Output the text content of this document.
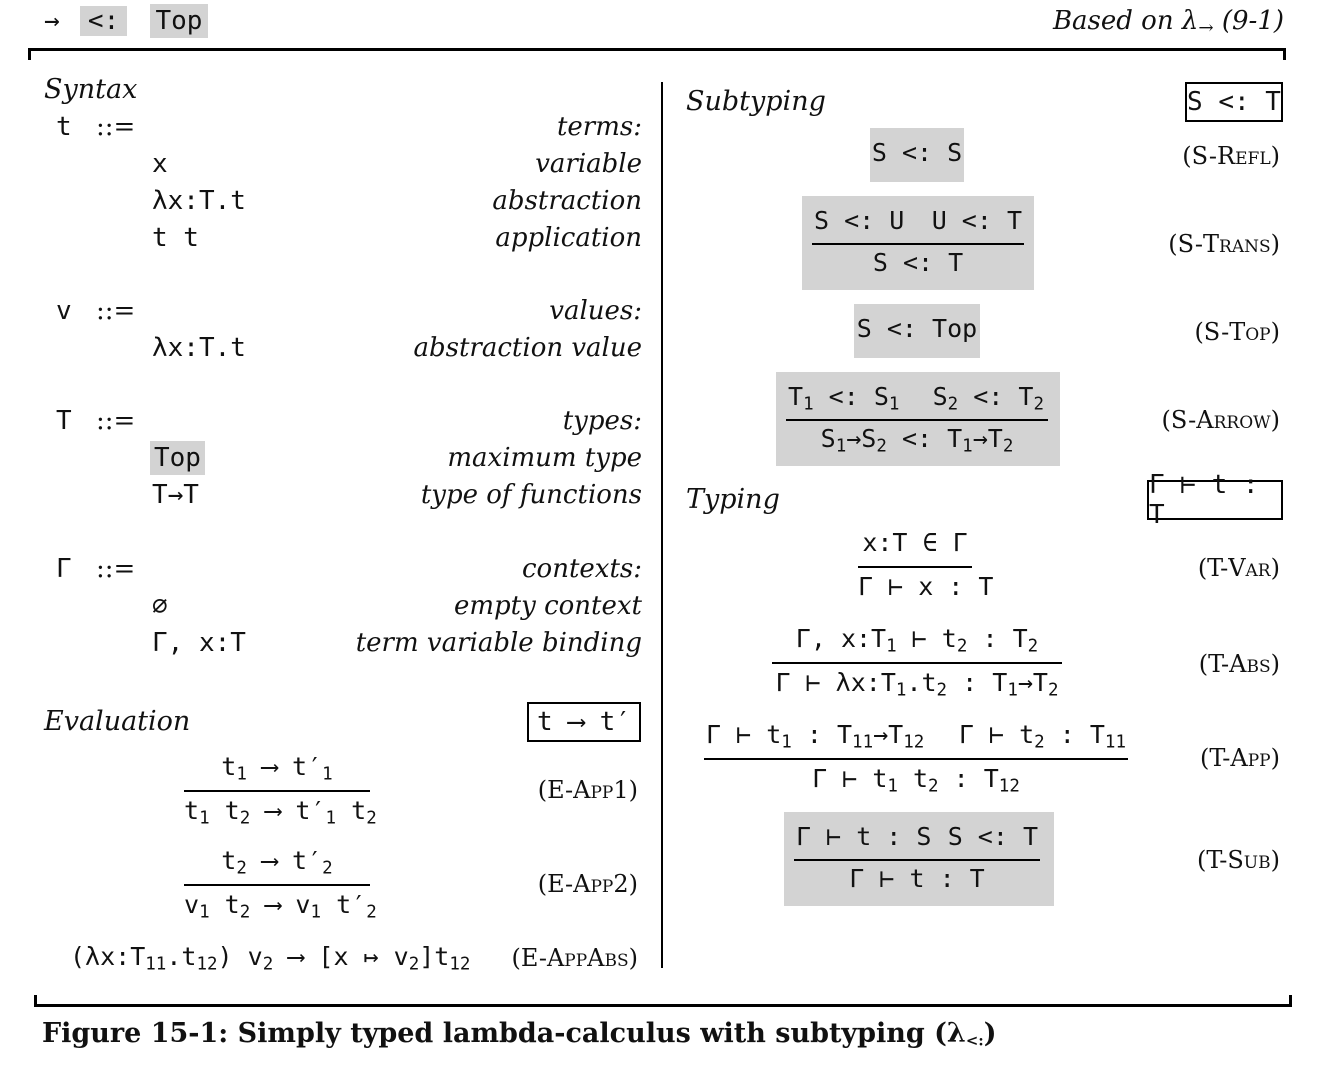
→ <: Top	Based on $\lambda_\to$ (9-1)
Syntax
t ::=	terms:
x	variable
λx:T.t	abstraction
t t	application
v ::=	values:
λx:T.t	abstraction value
T ::=	types:
Top	maximum type
T→T	type of functions
Γ ::=	contexts:
∅	empty context
Γ, x:T	term variable binding
Evaluation	t ⟶ t′
$t_1$ ⟶ $t'_1$
$t_1$ $t_2$ ⟶ $t'_1$ $t_2$
(E-App1)
$t_2$ ⟶ $t'_2$
$v_1$ $t_2$ ⟶ $v_1$ $t'_2$
(E-App2)
$(\lambda x:T_{11}.t_{12})$ $v_2$ ⟶ [x ↦ $v_2]t_{12}$ (E-AppAbs)
Subtyping	S <: T
S <: S	(S-Refl)
S <: U	U <: T
S <: T
(S-Trans)
S <: Top	(S-Top)
$T_1$ <: $S_1$	$S_2$ <: $T_2$
$S_1\to S_2$ <: $T_1\to T_2$
(S-Arrow)
Typing	Γ ⊢ t : T
x:T ∈ Γ
Γ ⊢ x : T
(T-Var)
Γ, $x:T_1$ ⊢ $t_2$ : $T_2$
Γ ⊢ $\lambda x:T_1.t_2$ : $T_1\to T_2$
(T-Abs)
Γ ⊢ $t_1$ : $T_{11}\to T_{12}$	Γ ⊢ $t_2$ : $T_{11}$
Γ ⊢ $t_1$ $t_2$ : $T_{12}$
(T-App)
Γ ⊢ t : S S <: T
Γ ⊢ t : T
(T-Sub)
Figure 15-1: Simply typed lambda-calculus with subtyping $(\lambda_{<:})$
